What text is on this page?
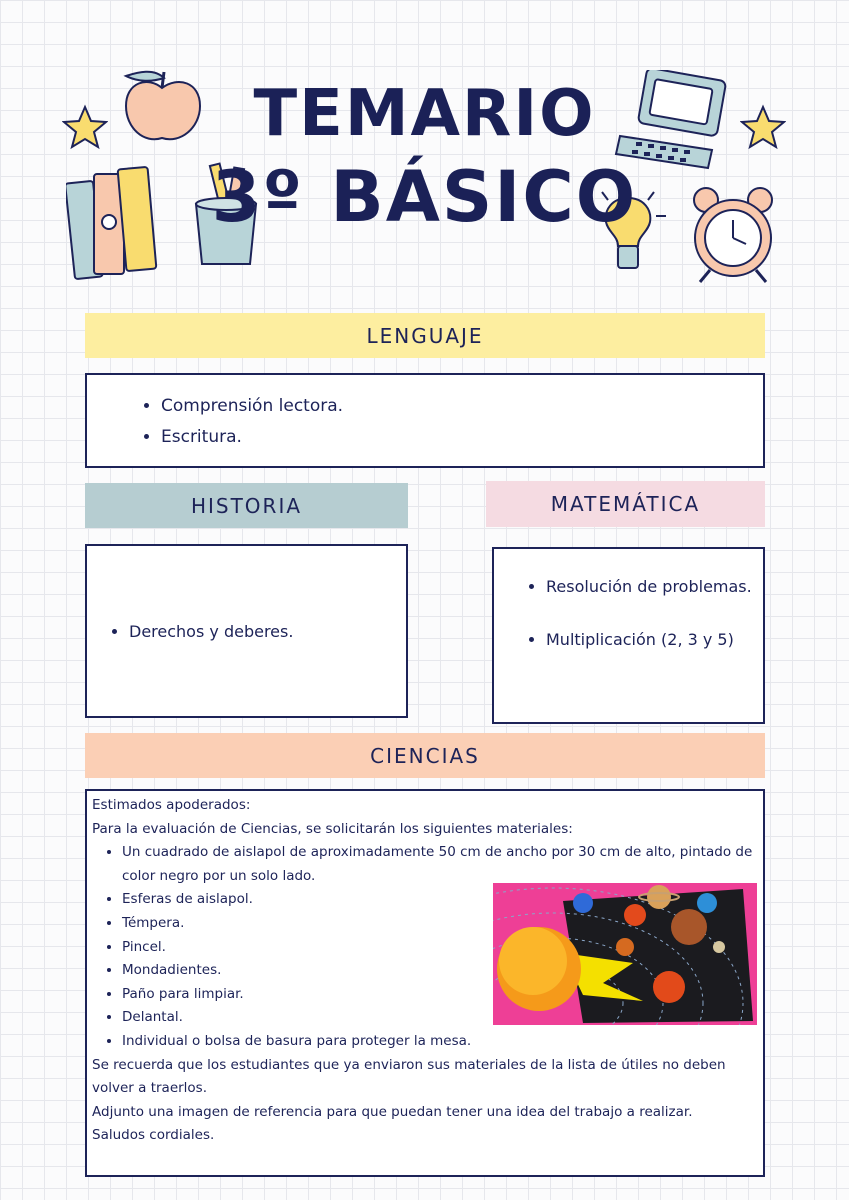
TEMARIO
3º BÁSICO
LENGUAJE
• Comprensión lectora.
• Escritura.
HISTORIA
• Derechos y deberes.
MATEMÁTICA
• Resolución de problemas.
• Multiplicación (2, 3 y 5)
CIENCIAS

Estimados apoderados:

Para la evaluación de Ciencias, se solicitarán los siguientes materiales:

• Un cuadrado de aislapol de aproximadamente 50 cm de ancho por 30 cm de alto, pintado de color negro por un solo lado.
• Esferas de aislapol.
• Témpera.
• Pincel.
• Mondadientes.
• Paño para limpiar.
• Delantal.
• Individual o bolsa de basura para proteger la mesa.

Se recuerda que los estudiantes que ya enviaron sus materiales de la lista de útiles no deben volver a traerlos.

Adjunto una imagen de referencia para que puedan tener una idea del trabajo a realizar.

Saludos cordiales.
